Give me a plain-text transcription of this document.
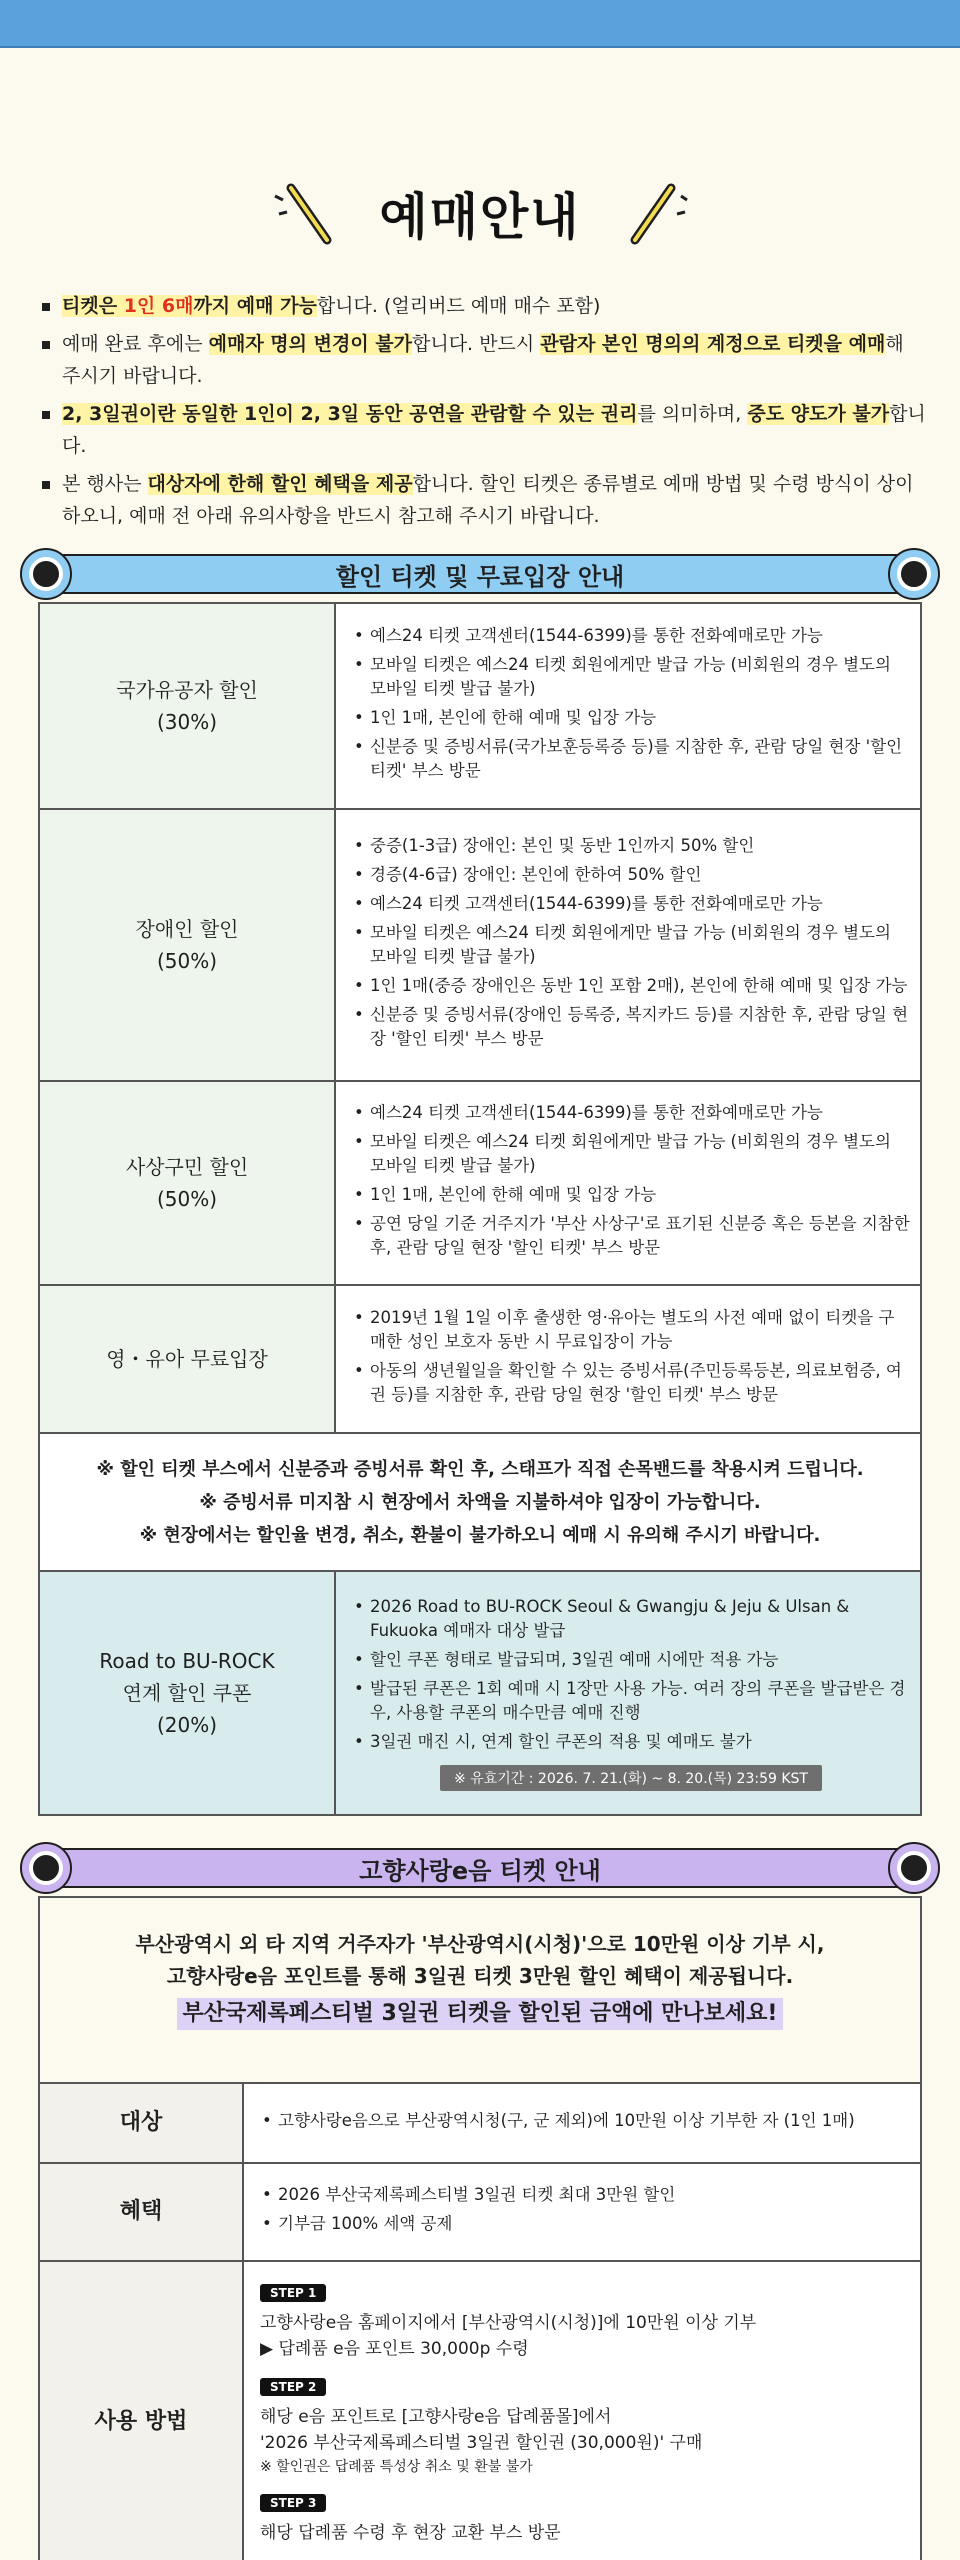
예매안내
티켓은 1인 6매까지 예매 가능합니다. (얼리버드 예매 매수 포함)
예매 완료 후에는 예매자 명의 변경이 불가합니다. 반드시 관람자 본인 명의의 계정으로 티켓을 예매해 주시기 바랍니다.
2, 3일권이란 동일한 1인이 2, 3일 동안 공연을 관람할 수 있는 권리를 의미하며, 중도 양도가 불가합니다.
본 행사는 대상자에 한해 할인 혜택을 제공합니다. 할인 티켓은 종류별로 예매 방법 및 수령 방식이 상이하오니, 예매 전 아래 유의사항을 반드시 참고해 주시기 바랍니다.
할인 티켓 및 무료입장 안내
국가유공자 할인
(30%)
• 예스24 티켓 고객센터(1544-6399)를 통한 전화예매로만 가능
• 모바일 티켓은 예스24 티켓 회원에게만 발급 가능 (비회원의 경우 별도의 모바일 티켓 발급 불가)
• 1인 1매, 본인에 한해 예매 및 입장 가능
• 신분증 및 증빙서류(국가보훈등록증 등)를 지참한 후, 관람 당일 현장 '할인 티켓' 부스 방문
장애인 할인
(50%)
• 중증(1-3급) 장애인: 본인 및 동반 1인까지 50% 할인
• 경증(4-6급) 장애인: 본인에 한하여 50% 할인
• 예스24 티켓 고객센터(1544-6399)를 통한 전화예매로만 가능
• 모바일 티켓은 예스24 티켓 회원에게만 발급 가능 (비회원의 경우 별도의 모바일 티켓 발급 불가)
• 1인 1매(중증 장애인은 동반 1인 포함 2매), 본인에 한해 예매 및 입장 가능
• 신분증 및 증빙서류(장애인 등록증, 복지카드 등)를 지참한 후, 관람 당일 현장 '할인 티켓' 부스 방문
사상구민 할인
(50%)
• 예스24 티켓 고객센터(1544-6399)를 통한 전화예매로만 가능
• 모바일 티켓은 예스24 티켓 회원에게만 발급 가능 (비회원의 경우 별도의 모바일 티켓 발급 불가)
• 1인 1매, 본인에 한해 예매 및 입장 가능
• 공연 당일 기준 거주지가 '부산 사상구'로 표기된 신분증 혹은 등본을 지참한 후, 관람 당일 현장 '할인 티켓' 부스 방문
영・유아 무료입장
• 2019년 1월 1일 이후 출생한 영·유아는 별도의 사전 예매 없이 티켓을 구매한 성인 보호자 동반 시 무료입장이 가능
• 아동의 생년월일을 확인할 수 있는 증빙서류(주민등록등본, 의료보험증, 여권 등)를 지참한 후, 관람 당일 현장 '할인 티켓' 부스 방문

※ 할인 티켓 부스에서 신분증과 증빙서류 확인 후, 스태프가 직접 손목밴드를 착용시켜 드립니다.

※ 증빙서류 미지참 시 현장에서 차액을 지불하셔야 입장이 가능합니다.

※ 현장에서는 할인율 변경, 취소, 환불이 불가하오니 예매 시 유의해 주시기 바랍니다.

Road to BU-ROCK
연계 할인 쿠폰
(20%)
• 2026 Road to BU-ROCK Seoul & Gwangju & Jeju & Ulsan & Fukuoka 예매자 대상 발급
• 할인 쿠폰 형태로 발급되며, 3일권 예매 시에만 적용 가능
• 발급된 쿠폰은 1회 예매 시 1장만 사용 가능. 여러 장의 쿠폰을 발급받은 경우, 사용할 쿠폰의 매수만큼 예매 진행
• 3일권 매진 시, 연계 할인 쿠폰의 적용 및 예매도 불가
※ 유효기간 : 2026. 7. 21.(화) ~ 8. 20.(목) 23:59 KST
고향사랑e음 티켓 안내

부산광역시 외 타 지역 거주자가 '부산광역시(시청)'으로 10만원 이상 기부 시,

고향사랑e음 포인트를 통해 3일권 티켓 3만원 할인 혜택이 제공됩니다.

부산국제록페스티벌 3일권 티켓을 할인된 금액에 만나보세요!

대상
•	고향사랑e음으로 부산광역시청(구, 군 제외)에 10만원 이상 기부한 자 (1인 1매)
혜택
• 2026 부산국제록페스티벌 3일권 티켓 최대 3만원 할인
• 기부금 100% 세액 공제
사용 방법
STEP 1

고향사랑e음 홈페이지에서 [부산광역시(시청)]에 10만원 이상 기부

▶ 답례품 e음 포인트 30,000p 수령

STEP 2

해당 e음 포인트로 [고향사랑e음 답례품몰]에서

'2026 부산국제록페스티벌 3일권 할인권 (30,000원)' 구매

※ 할인권은 답례품 특성상 취소 및 환불 불가

STEP 3

해당 답례품 수령 후 현장 교환 부스 방문
